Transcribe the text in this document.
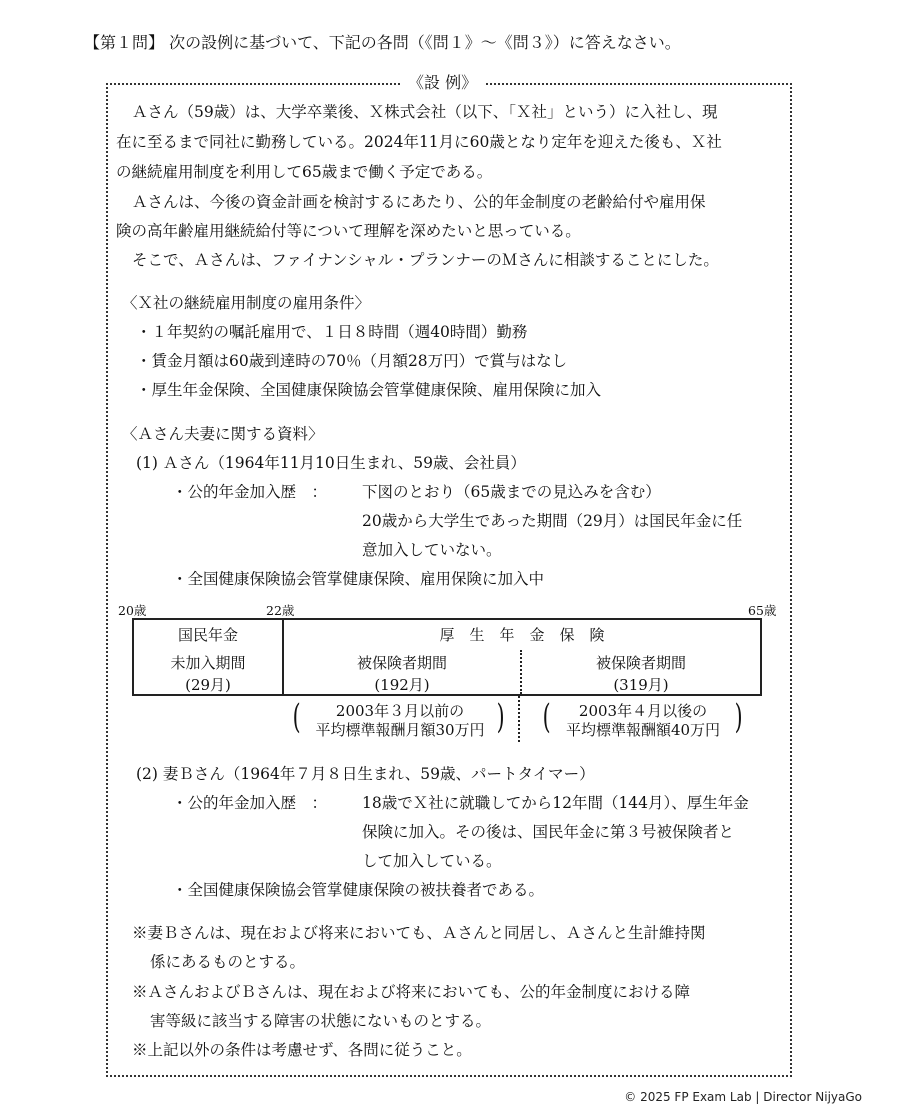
【第１問】 次の設例に基づいて、下記の各問（《問１》～《問３》）に答えなさい。
《設 例》
Ａさん（59歳）は、大学卒業後、Ｘ株式会社（以下、「Ｘ社」という）に入社し、現
在に至るまで同社に勤務している。2024年11月に60歳となり定年を迎えた後も、Ｘ社
の継続雇用制度を利用して65歳まで働く予定である。
Ａさんは、今後の資金計画を検討するにあたり、公的年金制度の老齢給付や雇用保
険の高年齢雇用継続給付等について理解を深めたいと思っている。
そこで、Ａさんは、ファイナンシャル・プランナーのＭさんに相談することにした。
〈Ｘ社の継続雇用制度の雇用条件〉
・１年契約の嘱託雇用で、１日８時間（週40時間）勤務
・賃金月額は60歳到達時の70％（月額28万円）で賞与はなし
・厚生年金保険、全国健康保険協会管掌健康保険、雇用保険に加入
〈Ａさん夫妻に関する資料〉
(1) Ａさん（1964年11月10日生まれ、59歳、会社員）
・公的年金加入歴　： 下図のとおり（65歳までの見込みを含む）
20歳から大学生であった期間（29月）は国民年金に任
意加入していない。
・全国健康保険協会管掌健康保険、雇用保険に加入中
20歳	22歳	65歳
国民年金
未加入期間
(29月)
厚　生　年　金　保　険
被保険者期間
(192月)
被保険者期間
(319月)
(	2003年３月以前の
平均標準報酬月額30万円 ) (	2003年４月以後の
平均標準報酬額40万円 )
(2) 妻Ｂさん（1964年７月８日生まれ、59歳、パートタイマー）
・公的年金加入歴　： 18歳でＸ社に就職してから12年間（144月）、厚生年金
保険に加入。その後は、国民年金に第３号被保険者と
して加入している。
・全国健康保険協会管掌健康保険の被扶養者である。
※妻Ｂさんは、現在および将来においても、Ａさんと同居し、Ａさんと生計維持関
係にあるものとする。
※ＡさんおよびＢさんは、現在および将来においても、公的年金制度における障
害等級に該当する障害の状態にないものとする。
※上記以外の条件は考慮せず、各問に従うこと。
© 2025 FP Exam Lab | Director NijyaGo
